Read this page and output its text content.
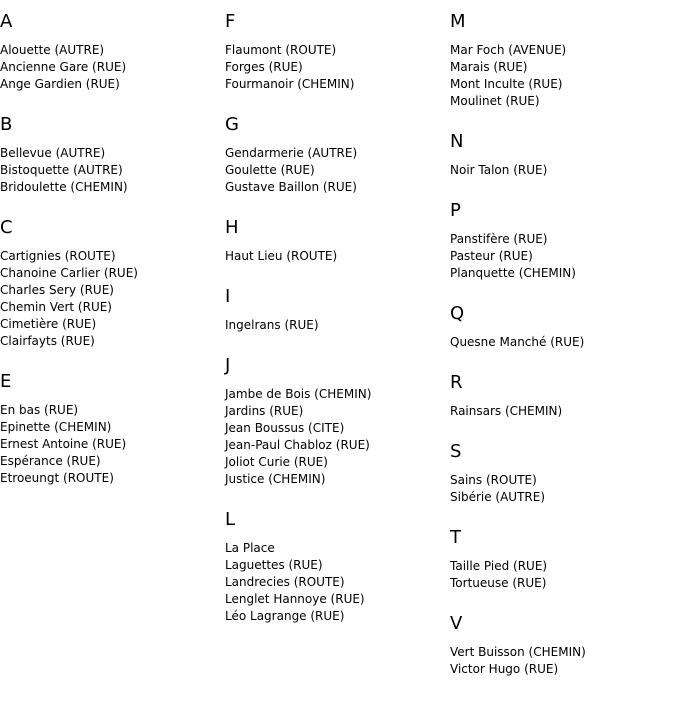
A
Alouette (AUTRE)
Ancienne Gare (RUE)
Ange Gardien (RUE)
B
Bellevue (AUTRE)
Bistoquette (AUTRE)
Bridoulette (CHEMIN)
C
Cartignies (ROUTE)
Chanoine Carlier (RUE)
Charles Sery (RUE)
Chemin Vert (RUE)
Cimetière (RUE)
Clairfayts (RUE)
E
En bas (RUE)
Epinette (CHEMIN)
Ernest Antoine (RUE)
Espérance (RUE)
Etroeungt (ROUTE)
F
Flaumont (ROUTE)
Forges (RUE)
Fourmanoir (CHEMIN)
G
Gendarmerie (AUTRE)
Goulette (RUE)
Gustave Baillon (RUE)
H
Haut Lieu (ROUTE)
I
Ingelrans (RUE)
J
Jambe de Bois (CHEMIN)
Jardins (RUE)
Jean Boussus (CITE)
Jean-Paul Chabloz (RUE)
Joliot Curie (RUE)
Justice (CHEMIN)
L
La Place
Laguettes (RUE)
Landrecies (ROUTE)
Lenglet Hannoye (RUE)
Léo Lagrange (RUE)
M
Mar Foch (AVENUE)
Marais (RUE)
Mont Inculte (RUE)
Moulinet (RUE)
N
Noir Talon (RUE)
P
Panstifère (RUE)
Pasteur (RUE)
Planquette (CHEMIN)
Q
Quesne Manché (RUE)
R
Rainsars (CHEMIN)
S
Sains (ROUTE)
Sibérie (AUTRE)
T
Taille Pied (RUE)
Tortueuse (RUE)
V
Vert Buisson (CHEMIN)
Victor Hugo (RUE)
